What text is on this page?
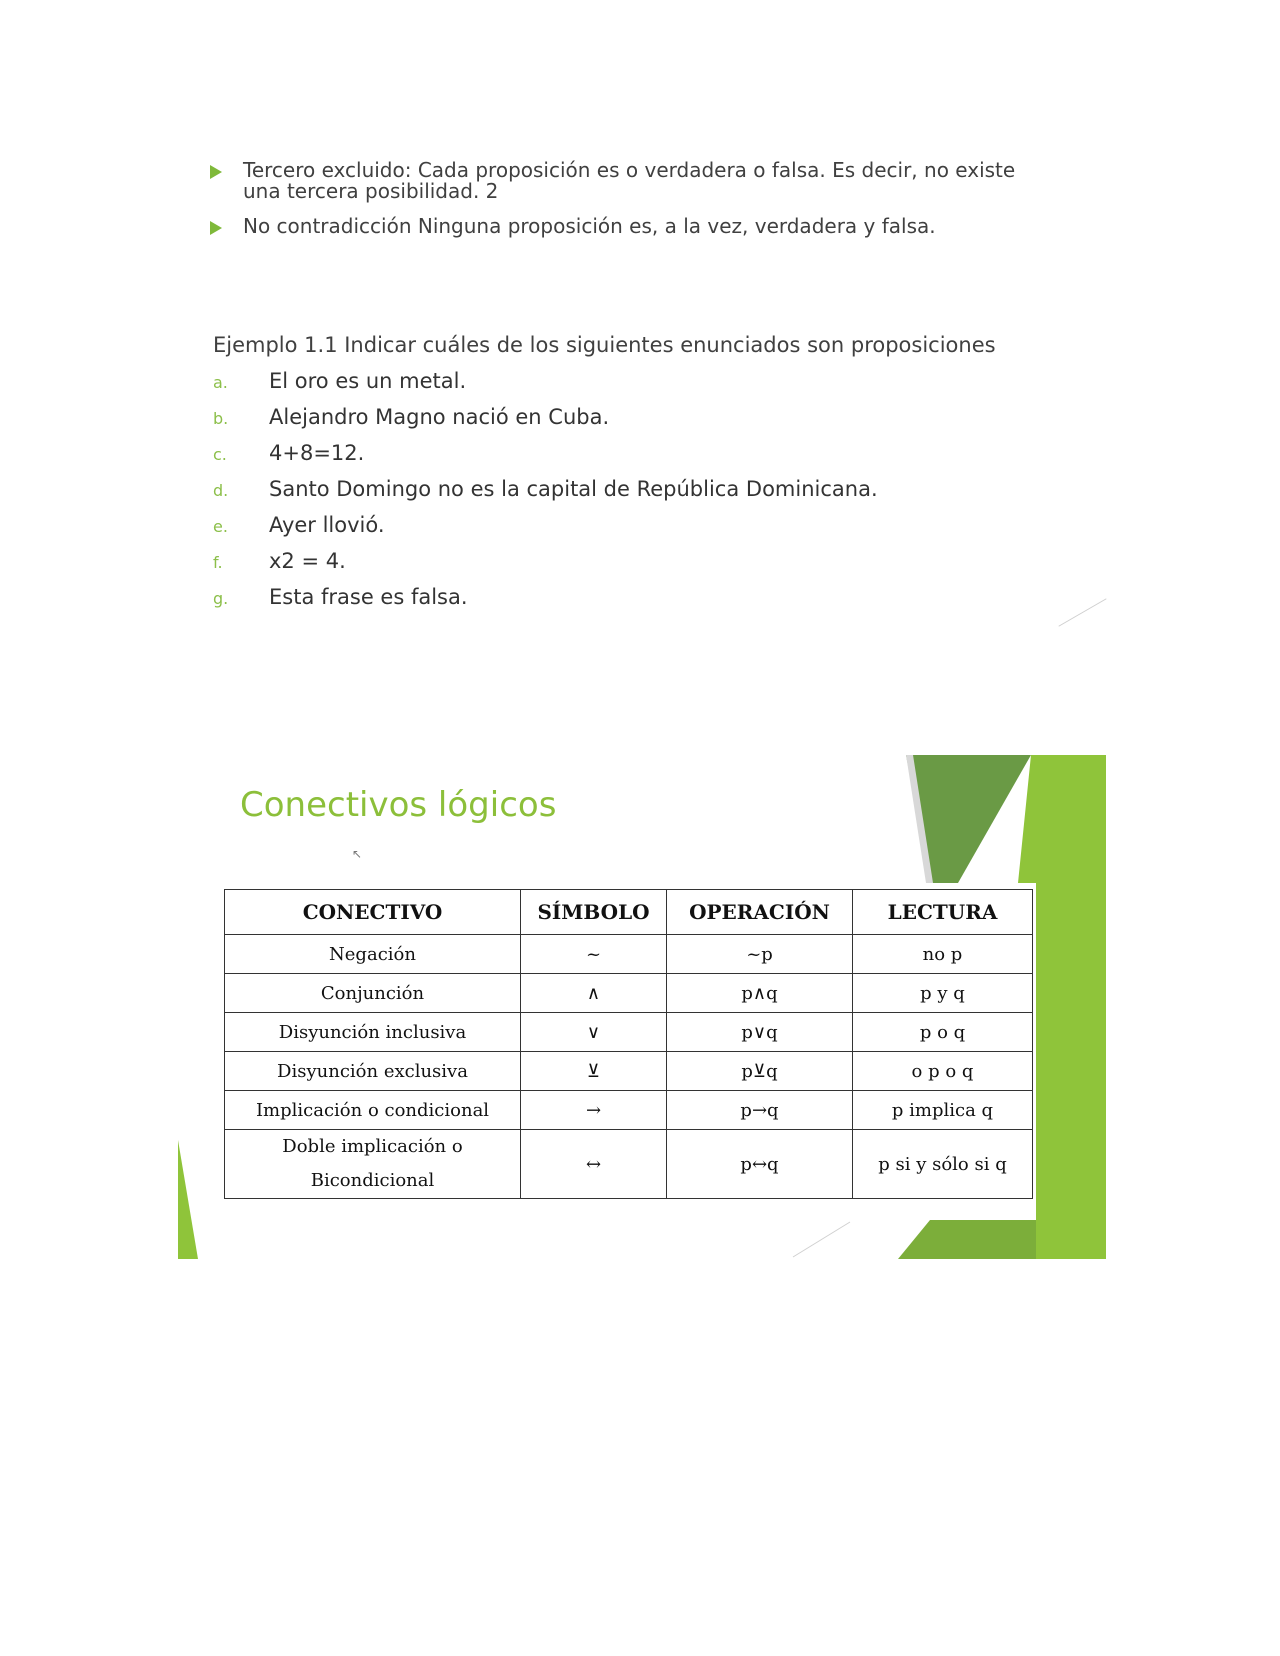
Tercero excluido: Cada proposición es o verdadera o falsa. Es decir, no existe una tercera posibilidad. 2
No contradicción Ninguna proposición es, a la vez, verdadera y falsa.
Ejemplo 1.1 Indicar cuáles de los siguientes enunciados son proposiciones
a. El oro es un metal.
b. Alejandro Magno nació en Cuba.
c. 4+8=12.
d. Santo Domingo no es la capital de República Dominicana.
e. Ayer llovió.
f. x2 = 4.
g. Esta frase es falsa.
Conectivos lógicos
↖
CONECTIVO	SÍMBOLO	OPERACIÓN	LECTURA
Negación	~	~p	no p
Conjunción	∧	p∧q	p y q
Disyunción inclusiva	∨	p∨q	p o q
Disyunción exclusiva	⊻	p⊻q	o p o q
Implicación o condicional	→	p→q	p implica q
Doble implicación o Bicondicional	↔	p↔q	p si y sólo si q
